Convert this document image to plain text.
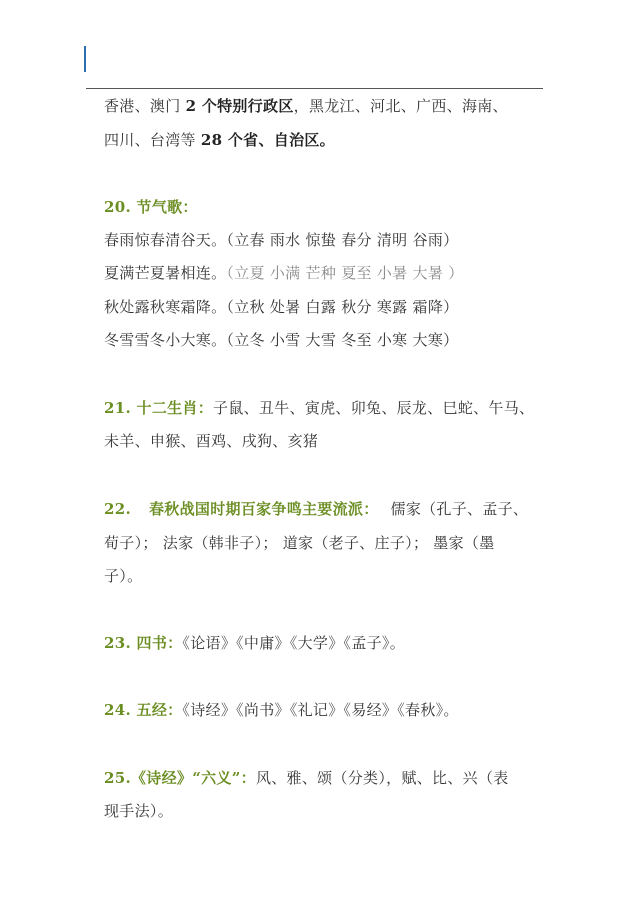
香港、澳门 2 个特别行政区，黑龙江、河北、广西、海南、
四川、台湾等 28 个省、自治区。
20. 节气歌：
春雨惊春清谷天。（立春 雨水 惊蛰 春分 清明 谷雨）
夏满芒夏暑相连。（立夏 小满 芒种 夏至 小暑 大暑 ）
秋处露秋寒霜降。（立秋 处暑 白露 秋分 寒露 霜降）
冬雪雪冬小大寒。（立冬 小雪 大雪 冬至 小寒 大寒）
21. 十二生肖：子鼠、丑牛、寅虎、卯兔、辰龙、巳蛇、午马、
未羊、申猴、酉鸡、戌狗、亥猪
22. 春秋战国时期百家争鸣主要流派： 儒家（孔子、孟子、
荀子）； 法家（韩非子）； 道家（老子、庄子）； 墨家（墨
子）。
23. 四书：《论语》《中庸》《大学》《孟子》。
24. 五经：《诗经》《尚书》《礼记》《易经》《春秋》。
25.《诗经》“六义”：风、雅、颂（分类），赋、比、兴（表
现手法）。
